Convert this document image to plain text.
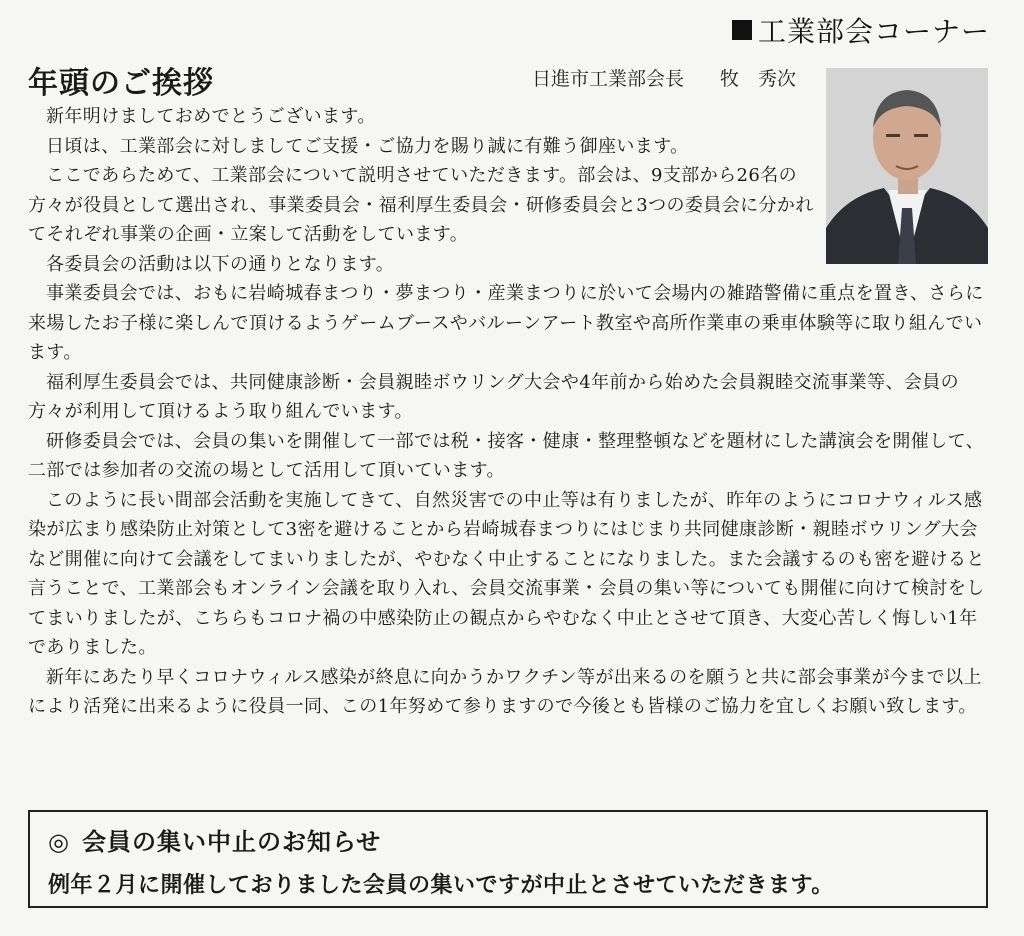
工業部会コーナー
年頭のご挨拶	日進市工業部会長 牧　秀次

新年明けましておめでとうございます。

日頃は、工業部会に対しましてご支援・ご協力を賜り誠に有難う御座います。

ここであらためて、工業部会について説明させていただきます。部会は、9支部から26名の方々が役員として選出され、事業委員会・福利厚生委員会・研修委員会と3つの委員会に分かれてそれぞれ事業の企画・立案して活動をしています。

各委員会の活動は以下の通りとなります。

事業委員会では、おもに岩崎城春まつり・夢まつり・産業まつりに於いて会場内の雑踏警備に重点を置き、さらに来場したお子様に楽しんで頂けるようゲームブースやバルーンアート教室や高所作業車の乗車体験等に取り組んでいます。

福利厚生委員会では、共同健康診断・会員親睦ボウリング大会や4年前から始めた会員親睦交流事業等、会員の方々が利用して頂けるよう取り組んでいます。

研修委員会では、会員の集いを開催して一部では税・接客・健康・整理整頓などを題材にした講演会を開催して、二部では参加者の交流の場として活用して頂いています。

このように長い間部会活動を実施してきて、自然災害での中止等は有りましたが、昨年のようにコロナウィルス感染が広まり感染防止対策として3密を避けることから岩崎城春まつりにはじまり共同健康診断・親睦ボウリング大会など開催に向けて会議をしてまいりましたが、やむなく中止することになりました。また会議するのも密を避けると言うことで、工業部会もオンライン会議を取り入れ、会員交流事業・会員の集い等についても開催に向けて検討をしてまいりましたが、こちらもコロナ禍の中感染防止の観点からやむなく中止とさせて頂き、大変心苦しく悔しい1年でありました。

新年にあたり早くコロナウィルス感染が終息に向かうかワクチン等が出来るのを願うと共に部会事業が今まで以上により活発に出来るように役員一同、この1年努めて参りますので今後とも皆様のご協力を宜しくお願い致します。

◎ 会員の集い中止のお知らせ
例年２月に開催しておりました会員の集いですが中止とさせていただきます。
